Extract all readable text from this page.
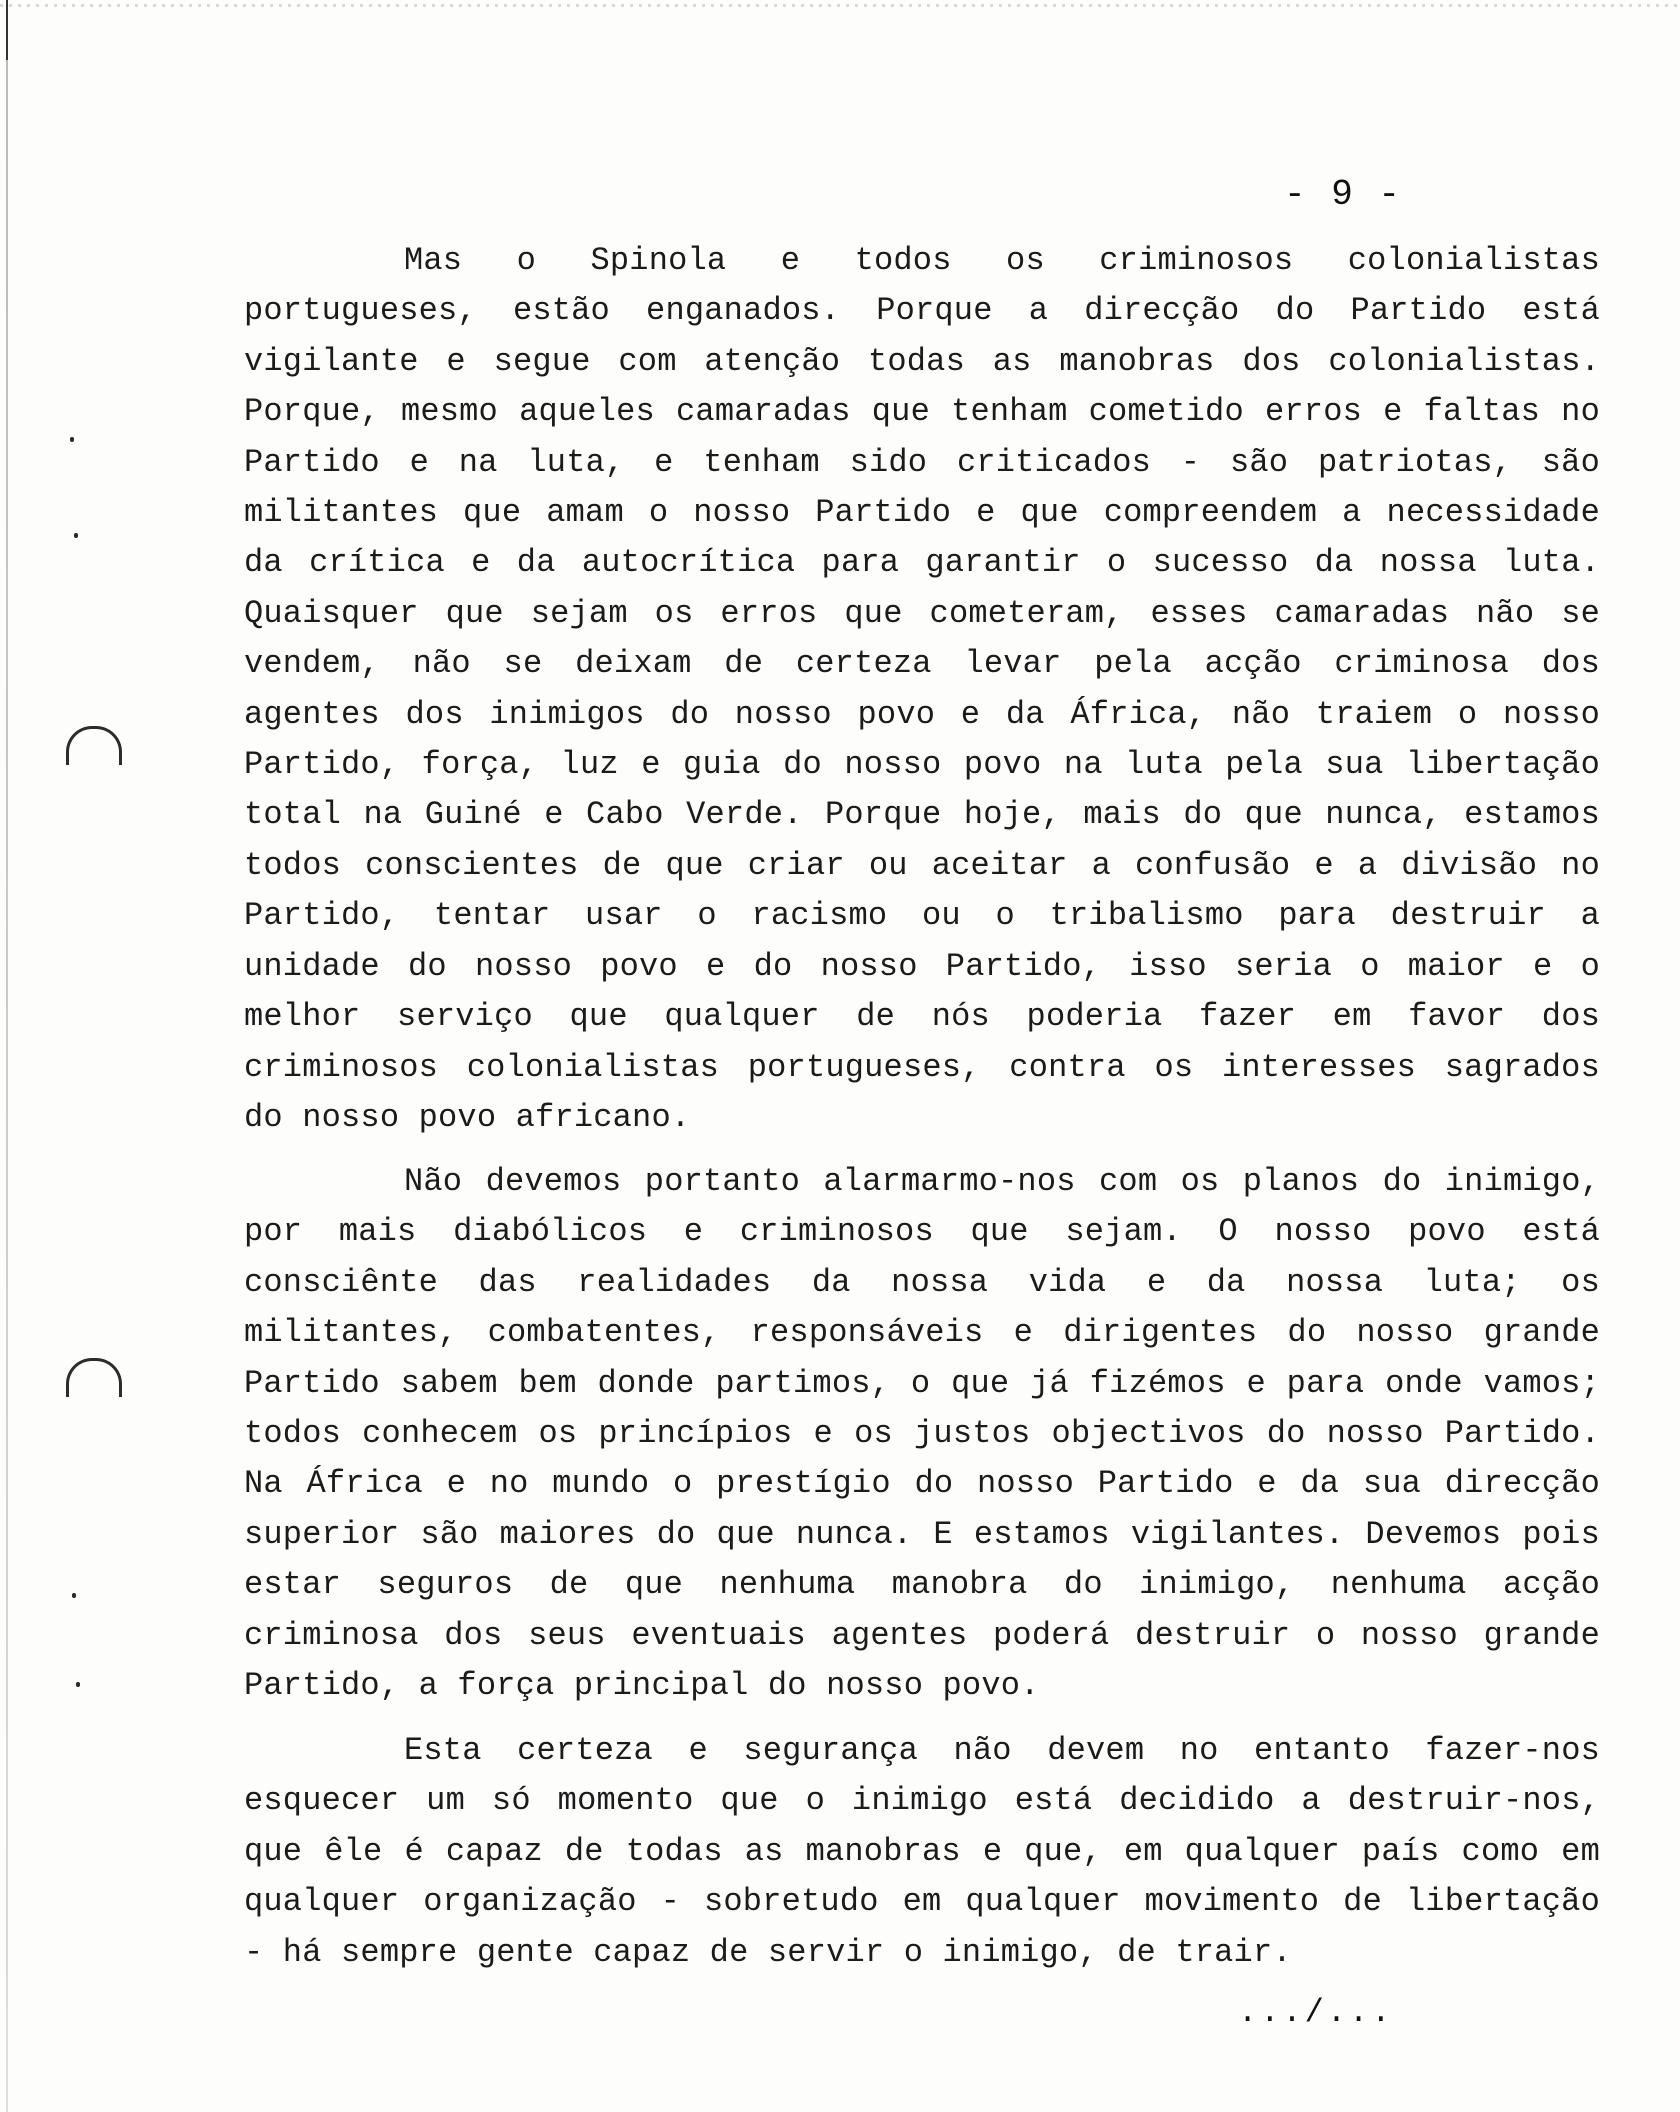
- 9 -

Mas o Spinola e todos os criminosos colonialistas portugueses, estão enganados. Porque a direcção do Partido está vigilante e segue com atenção todas as manobras dos colonialistas. Porque, mesmo aqueles camaradas que tenham cometido erros e faltas no Partido e na luta, e tenham sido criticados - são patriotas, são militantes que amam o nosso Partido e que compreendem a necessidade da crítica e da autocrítica para garantir o sucesso da nossa luta. Quaisquer que sejam os erros que cometeram, esses camaradas não se vendem, não se deixam de certeza levar pela acção criminosa dos agentes dos inimigos do nosso povo e da África, não traiem o nosso Partido, força, luz e guia do nosso povo na luta pela sua libertação total na Guiné e Cabo Verde. Porque hoje, mais do que nunca, estamos todos conscientes de que criar ou aceitar a confusão e a divisão no Partido, tentar usar o racismo ou o tribalismo para destruir a unidade do nosso povo e do nosso Partido, isso seria o maior e o melhor serviço que qualquer de nós poderia fazer em favor dos criminosos colonialistas portugueses, contra os interesses sagrados do nosso povo africano.

Não devemos portanto alarmarmo-nos com os planos do inimigo, por mais diabólicos e criminosos que sejam. O nosso povo está consciênte das realidades da nossa vida e da nossa luta; os militantes, combatentes, responsáveis e dirigentes do nosso grande Partido sabem bem donde partimos, o que já fizémos e para onde vamos; todos conhecem os princípios e os justos objectivos do nosso Partido. Na África e no mundo o prestígio do nosso Partido e da sua direcção superior são maiores do que nunca. E estamos vigilantes. Devemos pois estar seguros de que nenhuma manobra do inimigo, nenhuma acção criminosa dos seus eventuais agentes poderá destruir o nosso grande Partido, a força principal do nosso povo.

Esta certeza e segurança não devem no entanto fazer-nos esquecer um só momento que o inimigo está decidido a destruir-nos, que êle é capaz de todas as manobras e que, em qualquer país como em qualquer organização - sobretudo em qualquer movimento de libertação - há sempre gente capaz de servir o inimigo, de trair.

.../...
